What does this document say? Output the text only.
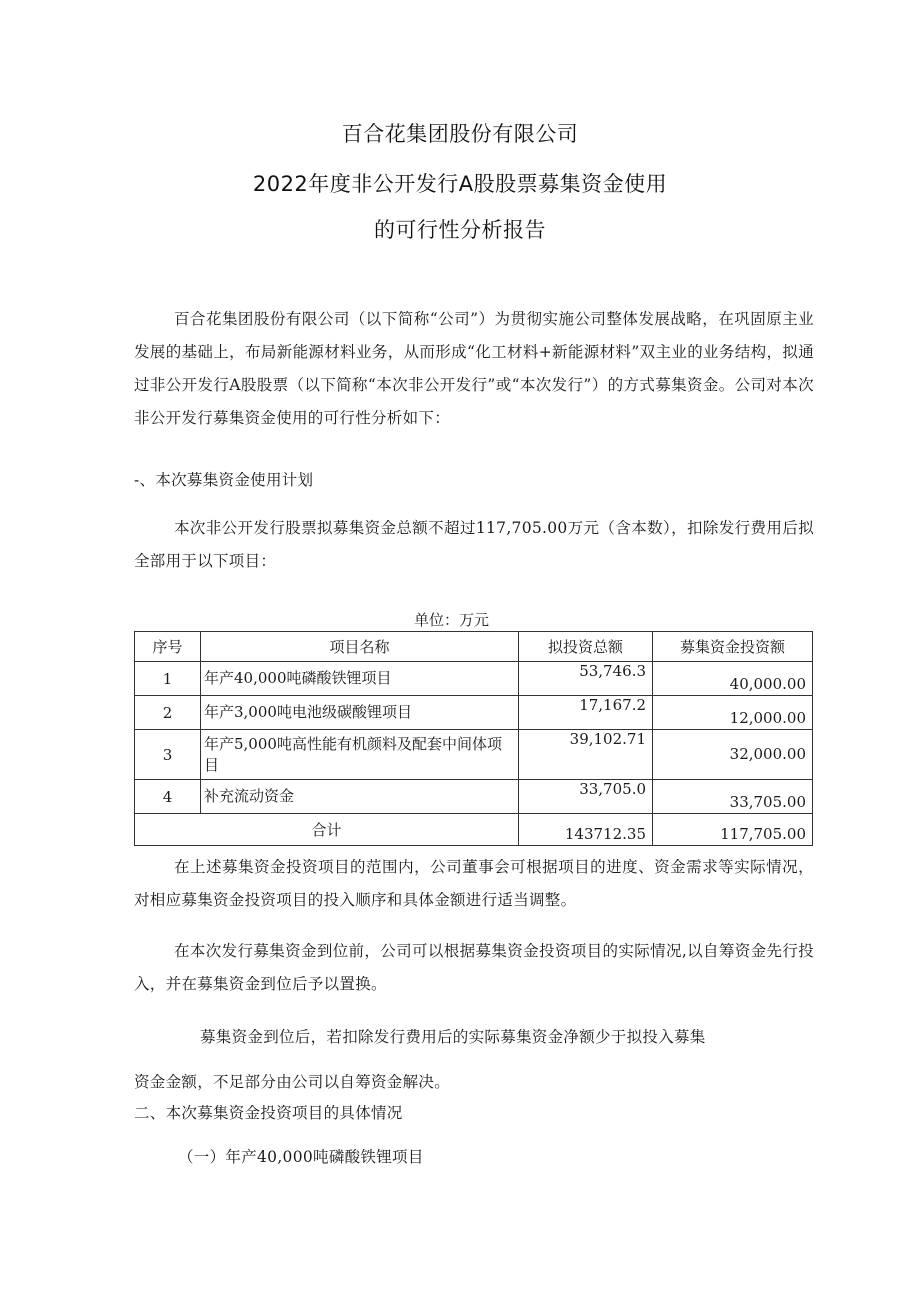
百合花集团股份有限公司
2022年度非公开发行A股股票募集资金使用
的可行性分析报告
百合花集团股份有限公司（以下简称“公司”）为贯彻实施公司整体发展战略，在巩固原主业发展的基础上，布局新能源材料业务，从而形成“化工材料+新能源材料”双主业的业务结构，拟通过非公开发行A股股票（以下简称“本次非公开发行”或“本次发行”）的方式募集资金。公司对本次非公开发行募集资金使用的可行性分析如下：
-、本次募集资金使用计划
本次非公开发行股票拟募集资金总额不超过117,705.00万元（含本数），扣除发行费用后拟全部用于以下项目：
单位：万元
序号	项目名称	拟投资总额	募集资金投资额
1	年产40,000吨磷酸铁锂项目	53,746.3	40,000.00
2	年产3,000吨电池级碳酸锂项目	17,167.2	12,000.00
3	年产5,000吨高性能有机颜料及配套中间体项目	39,102.71	32,000.00
4	补充流动资金	33,705.0	33,705.00
合计		143712.35	117,705.00
在上述募集资金投资项目的范围内，公司董事会可根据项目的进度、资金需求等实际情况，对相应募集资金投资项目的投入顺序和具体金额进行适当调整。
在本次发行募集资金到位前，公司可以根据募集资金投资项目的实际情况,以自筹资金先行投入，并在募集资金到位后予以置换。
募集资金到位后，若扣除发行费用后的实际募集资金净额少于拟投入募集
资金金额，不足部分由公司以自筹资金解决。
二、本次募集资金投资项目的具体情况
（一）年产40,000吨磷酸铁锂项目
